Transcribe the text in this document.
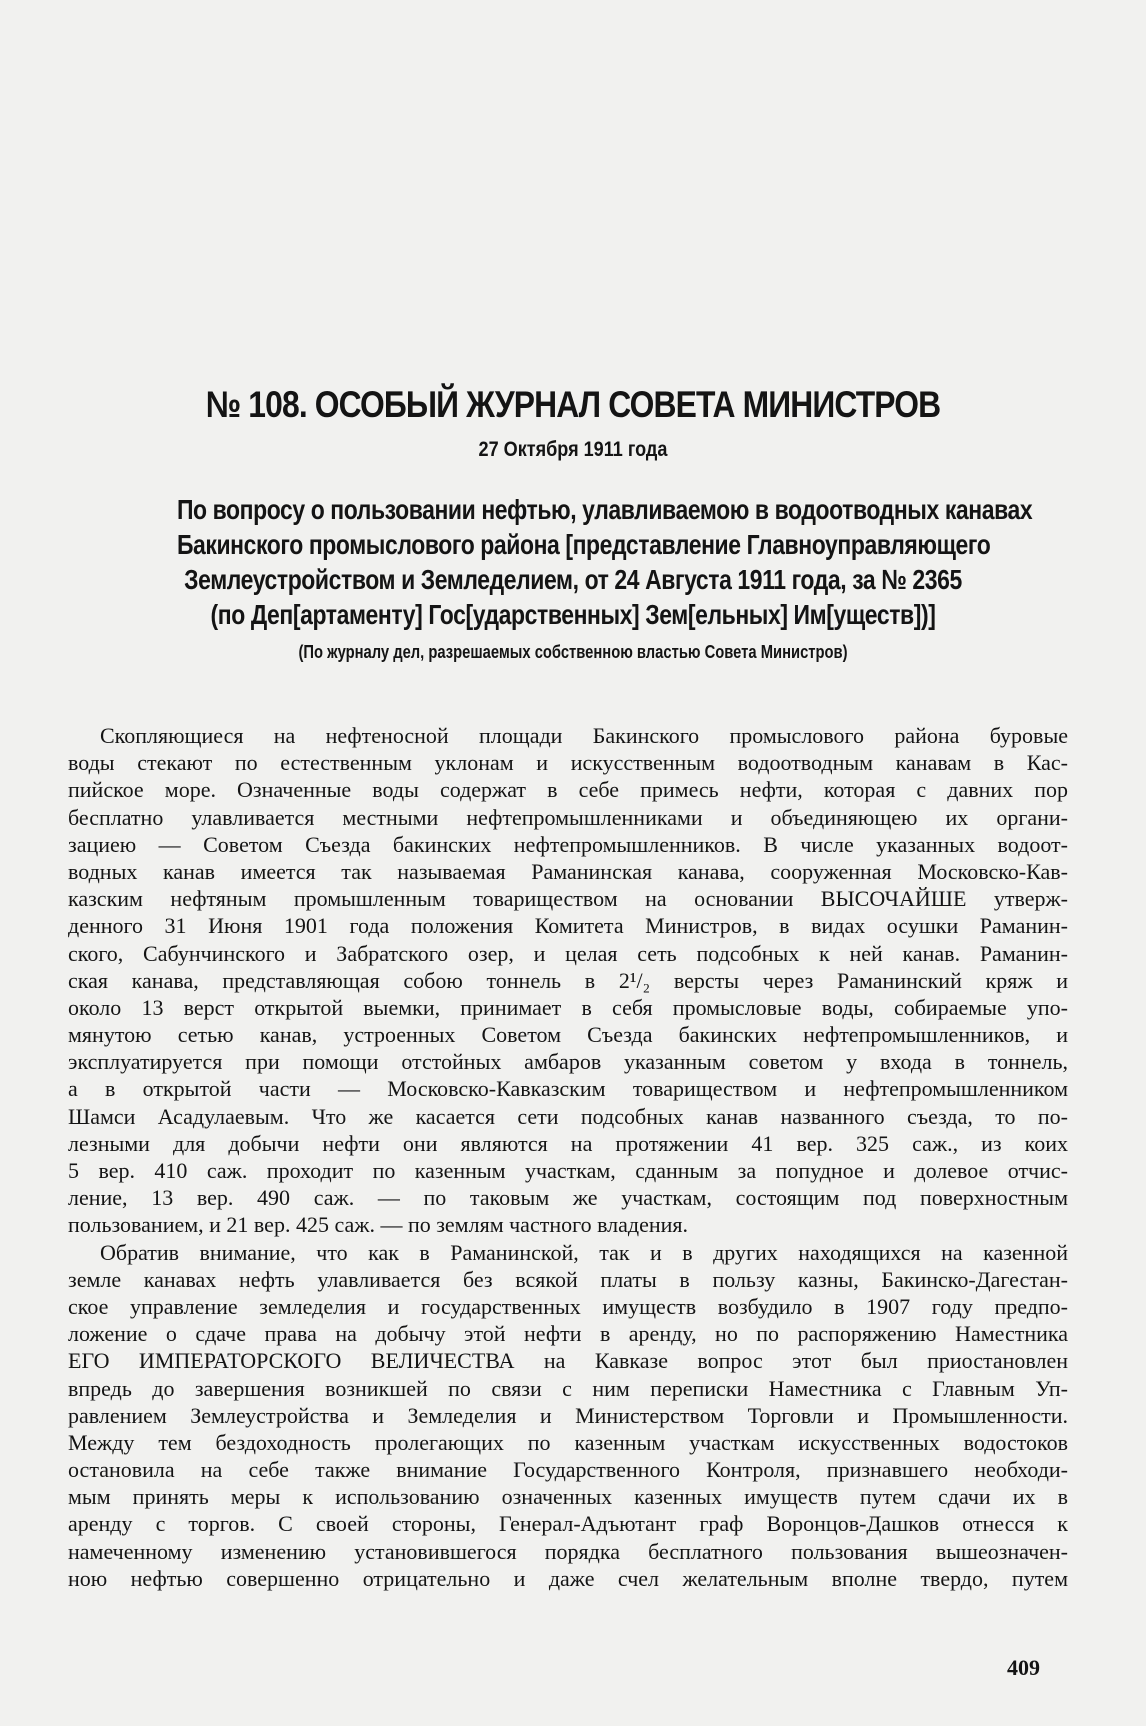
№ 108. ОСОБЫЙ ЖУРНАЛ СОВЕТА МИНИСТРОВ
27 Октября 1911 года
По вопросу о пользовании нефтью, улавливаемою в водоотводных канавах
Бакинского промыслового района [представление Главноуправляющего
Землеустройством и Земледелием, от 24 Августа 1911 года, за № 2365
(по Деп[артаменту] Гос[ударственных] Зем[ельных] Им[уществ])]
(По журналу дел, разрешаемых собственною властью Совета Министров)

Скопляющиеся на нефтеносной площади Бакинского промыслового района буровые
воды стекают по естественным уклонам и искусственным водоотводным канавам в Кас-
пийское море. Означенные воды содержат в себе примесь нефти, которая с давних пор
бесплатно улавливается местными нефтепромышленниками и объединяющею их органи-
зациею — Советом Съезда бакинских нефтепромышленников. В числе указанных водоот-
водных канав имеется так называемая Раманинская канава, сооруженная Московско-Кав-
казским нефтяным промышленным товариществом на основании ВЫСОЧАЙШЕ утверж-
денного 31 Июня 1901 года положения Комитета Министров, в видах осушки Раманин-
ского, Сабунчинского и Забратского озер, и целая сеть подсобных к ней канав. Раманин-
ская канава, представляющая собою тоннель в 2¹/₂ версты через Раманинский кряж и
около 13 верст открытой выемки, принимает в себя промысловые воды, собираемые упо-
мянутою сетью канав, устроенных Советом Съезда бакинских нефтепромышленников, и
эксплуатируется при помощи отстойных амбаров указанным советом у входа в тоннель,
а в открытой части — Московско-Кавказским товариществом и нефтепромышленником
Шамси Асадулаевым. Что же касается сети подсобных канав названного съезда, то по-
лезными для добычи нефти они являются на протяжении 41 вер. 325 саж., из коих
5 вер. 410 саж. проходит по казенным участкам, сданным за попудное и долевое отчис-
ление, 13 вер. 490 саж. — по таковым же участкам, состоящим под поверхностным
пользованием, и 21 вер. 425 саж. — по землям частного владения.

Обратив внимание, что как в Раманинской, так и в других находящихся на казенной
земле канавах нефть улавливается без всякой платы в пользу казны, Бакинско-Дагестан-
ское управление земледелия и государственных имуществ возбудило в 1907 году предпо-
ложение о сдаче права на добычу этой нефти в аренду, но по распоряжению Наместника
ЕГО ИМПЕРАТОРСКОГО ВЕЛИЧЕСТВА на Кавказе вопрос этот был приостановлен
впредь до завершения возникшей по связи с ним переписки Наместника с Главным Уп-
равлением Землеустройства и Земледелия и Министерством Торговли и Промышленности.
Между тем бездоходность пролегающих по казенным участкам искусственных водостоков
остановила на себе также внимание Государственного Контроля, признавшего необходи-
мым принять меры к использованию означенных казенных имуществ путем сдачи их в
аренду с торгов. С своей стороны, Генерал-Адъютант граф Воронцов-Дашков отнесся к
намеченному изменению установившегося порядка бесплатного пользования вышеозначен-
ною нефтью совершенно отрицательно и даже счел желательным вполне твердо, путем

409
